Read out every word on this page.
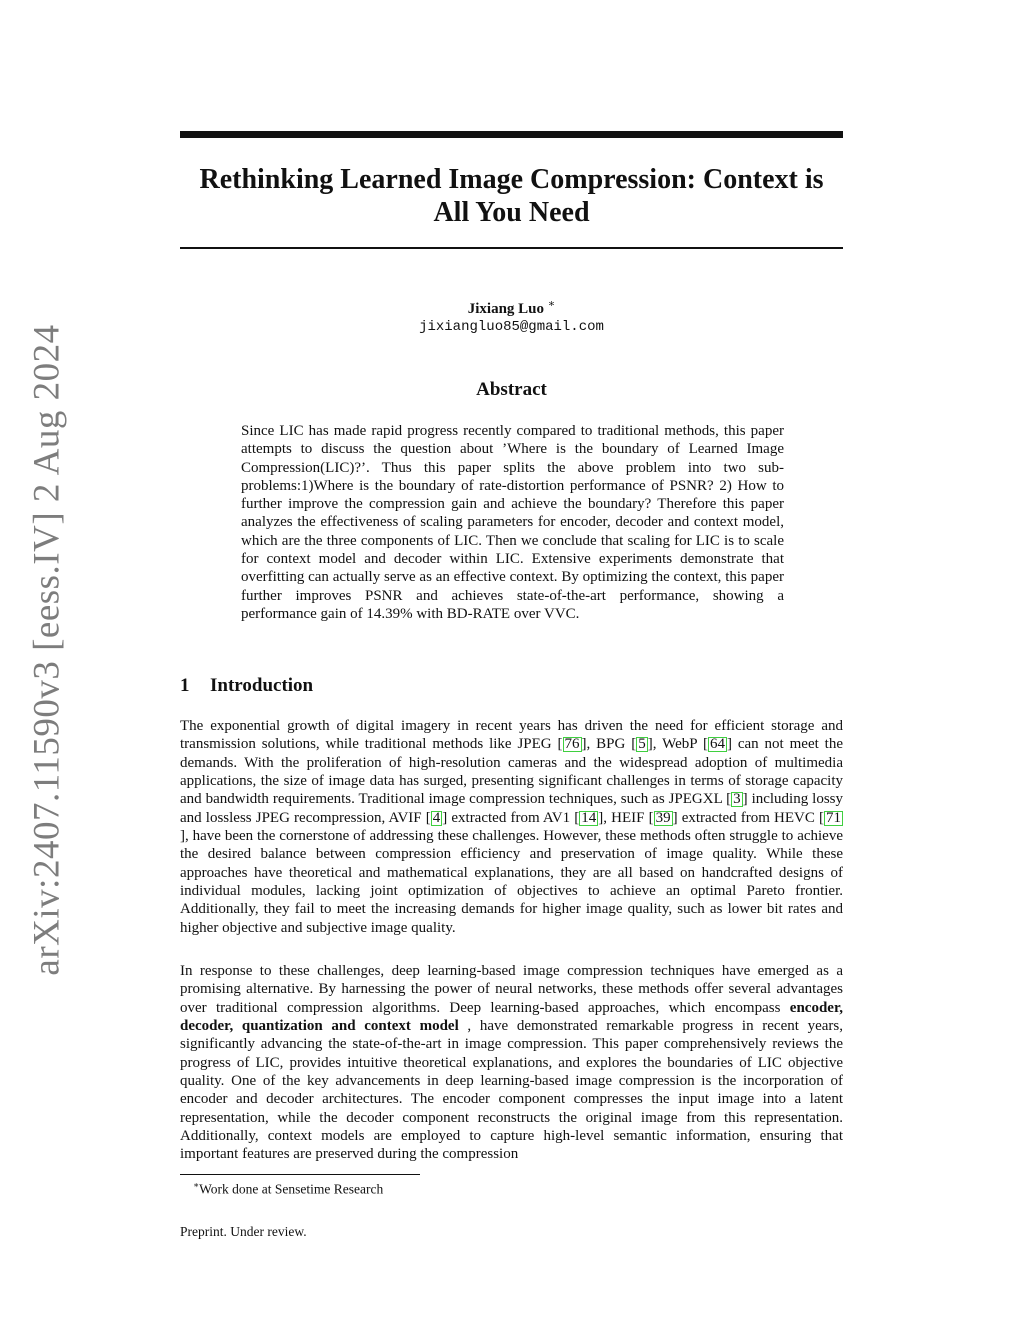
arXiv:2407.11590v3 [eess.IV] 2 Aug 2024
Rethinking Learned Image Compression: Context is All You Need
Jixiang Luo ∗
jixiangluo85@gmail.com
Abstract

Since LIC has made rapid progress recently compared to traditional methods, this paper attempts to discuss the question about ’Where is the boundary of Learned Image Compression(LIC)?’. Thus this paper splits the above problem into two sub-problems:1)Where is the boundary of rate-distortion performance of PSNR? 2) How to further improve the compression gain and achieve the boundary? Therefore this paper analyzes the effectiveness of scaling parameters for encoder, decoder and context model, which are the three components of LIC. Then we conclude that scaling for LIC is to scale for context model and decoder within LIC. Extensive experiments demonstrate that overfitting can actually serve as an effective context. By optimizing the context, this paper further improves PSNR and achieves state-of-the-art performance, showing a performance gain of 14.39% with BD-RATE over VVC.

1 Introduction

The exponential growth of digital imagery in recent years has driven the need for efficient storage and transmission solutions, while traditional methods like JPEG [ 76 ], BPG [ 5 ], WebP [ 64 ] can not meet the demands. With the proliferation of high-resolution cameras and the widespread adoption of multimedia applications, the size of image data has surged, presenting significant challenges in terms of storage capacity and bandwidth requirements. Traditional image compression techniques, such as JPEGXL [ 3 ] including lossy and lossless JPEG recompression, AVIF [ 4 ] extracted from AV1 [ 14 ], HEIF [ 39 ] extracted from HEVC [ 71], have been the cornerstone of addressing these challenges. However, these methods often struggle to achieve the desired balance between compression efficiency and preservation of image quality. While these approaches have theoretical and mathematical explanations, they are all based on handcrafted designs of individual modules, lacking joint optimization of objectives to achieve an optimal Pareto frontier. Additionally, they fail to meet the increasing demands for higher image quality, such as lower bit rates and higher objective and subjective image quality.

In response to these challenges, deep learning-based image compression techniques have emerged as a promising alternative. By harnessing the power of neural networks, these methods offer several advantages over traditional compression algorithms. Deep learning-based approaches, which encompass encoder, decoder, quantization and context model , have demonstrated remarkable progress in recent years, significantly advancing the state-of-the-art in image compression. This paper comprehensively reviews the progress of LIC, provides intuitive theoretical explanations, and explores the boundaries of LIC objective quality. One of the key advancements in deep learning-based image compression is the incorporation of encoder and decoder architectures. The encoder component compresses the input image into a latent representation, while the decoder component reconstructs the original image from this representation. Additionally, context models are employed to capture high-level semantic information, ensuring that important features are preserved during the compression

∗Work done at Sensetime Research
Preprint. Under review.
